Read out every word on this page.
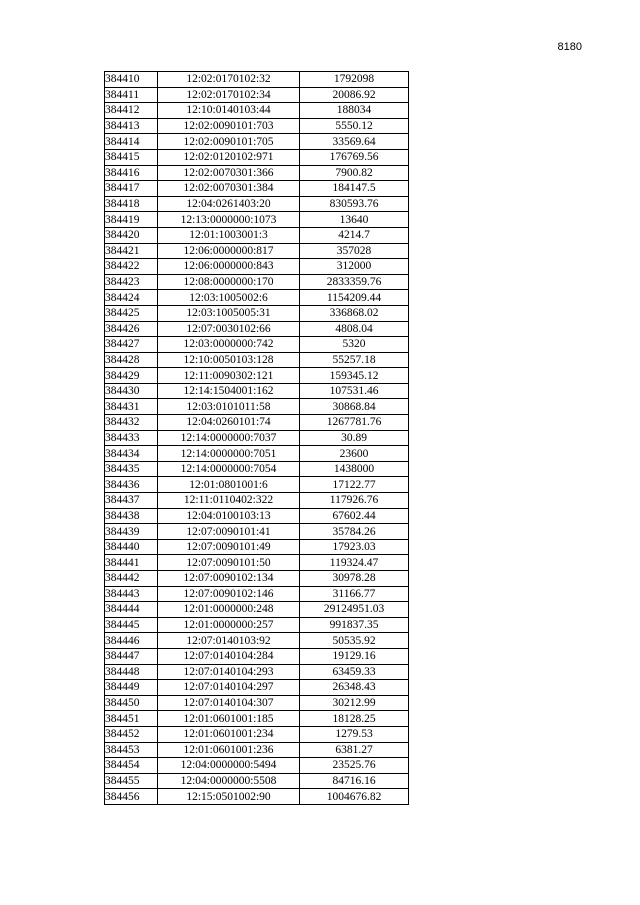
8180
384410	12:02:0170102:32	1792098
384411	12:02:0170102:34	20086.92
384412	12:10:0140103:44	188034
384413	12:02:0090101:703	5550.12
384414	12:02:0090101:705	33569.64
384415	12:02:0120102:971	176769.56
384416	12:02:0070301:366	7900.82
384417	12:02:0070301:384	184147.5
384418	12:04:0261403:20	830593.76
384419	12:13:0000000:1073	13640
384420	12:01:1003001:3	4214.7
384421	12:06:0000000:817	357028
384422	12:06:0000000:843	312000
384423	12:08:0000000:170	2833359.76
384424	12:03:1005002:6	1154209.44
384425	12:03:1005005:31	336868.02
384426	12:07:0030102:66	4808.04
384427	12:03:0000000:742	5320
384428	12:10:0050103:128	55257.18
384429	12:11:0090302:121	159345.12
384430	12:14:1504001:162	107531.46
384431	12:03:0101011:58	30868.84
384432	12:04:0260101:74	1267781.76
384433	12:14:0000000:7037	30.89
384434	12:14:0000000:7051	23600
384435	12:14:0000000:7054	1438000
384436	12:01:0801001:6	17122.77
384437	12:11:0110402:322	117926.76
384438	12:04:0100103:13	67602.44
384439	12:07:0090101:41	35784.26
384440	12:07:0090101:49	17923.03
384441	12:07:0090101:50	119324.47
384442	12:07:0090102:134	30978.28
384443	12:07:0090102:146	31166.77
384444	12:01:0000000:248	29124951.03
384445	12:01:0000000:257	991837.35
384446	12:07:0140103:92	50535.92
384447	12:07:0140104:284	19129.16
384448	12:07:0140104:293	63459.33
384449	12:07:0140104:297	26348.43
384450	12:07:0140104:307	30212.99
384451	12:01:0601001:185	18128.25
384452	12:01:0601001:234	1279.53
384453	12:01:0601001:236	6381.27
384454	12:04:0000000:5494	23525.76
384455	12:04:0000000:5508	84716.16
384456	12:15:0501002:90	1004676.82
